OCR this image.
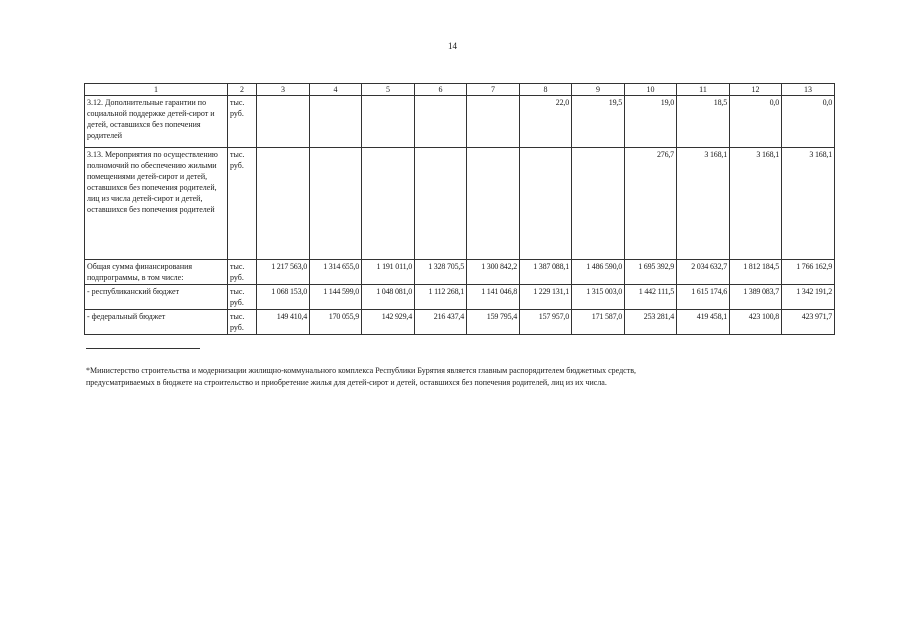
14
1	2	3	4	5	6	7	8	9	10	11	12	13
3.12. Дополнительные гарантии по социальной поддержке детей-сирот и детей, оставшихся без попечения родителей	тыс. руб.						22,0	19,5	19,0	18,5	0,0	0,0
3.13. Мероприятия по осуществлению полномочий по обеспечению жилыми помещениями детей-сирот и детей, оставшихся без попечения родителей, лиц из числа детей-сирот и детей, оставшихся без попечения родителей	тыс. руб.								276,7	3 168,1	3 168,1	3 168,1
Общая сумма финансирования подпрограммы, в том числе:	тыс. руб.	1 217 563,0	1 314 655,0	1 191 011,0	1 328 705,5	1 300 842,2	1 387 088,1	1 486 590,0	1 695 392,9	2 034 632,7	1 812 184,5	1 766 162,9
- республиканский бюджет	тыс. руб.	1 068 153,0	1 144 599,0	1 048 081,0	1 112 268,1	1 141 046,8	1 229 131,1	1 315 003,0	1 442 111,5	1 615 174,6	1 389 083,7	1 342 191,2
- федеральный бюджет	тыс. руб.	149 410,4	170 055,9	142 929,4	216 437,4	159 795,4	157 957,0	171 587,0	253 281,4	419 458,1	423 100,8	423 971,7
*Министерство строительства и модернизации жилищно-коммунального комплекса Республики Бурятия является главным распорядителем бюджетных средств, предусматриваемых в бюджете на строительство и приобретение жилья для детей-сирот и детей, оставшихся без попечения родителей, лиц из их числа.
